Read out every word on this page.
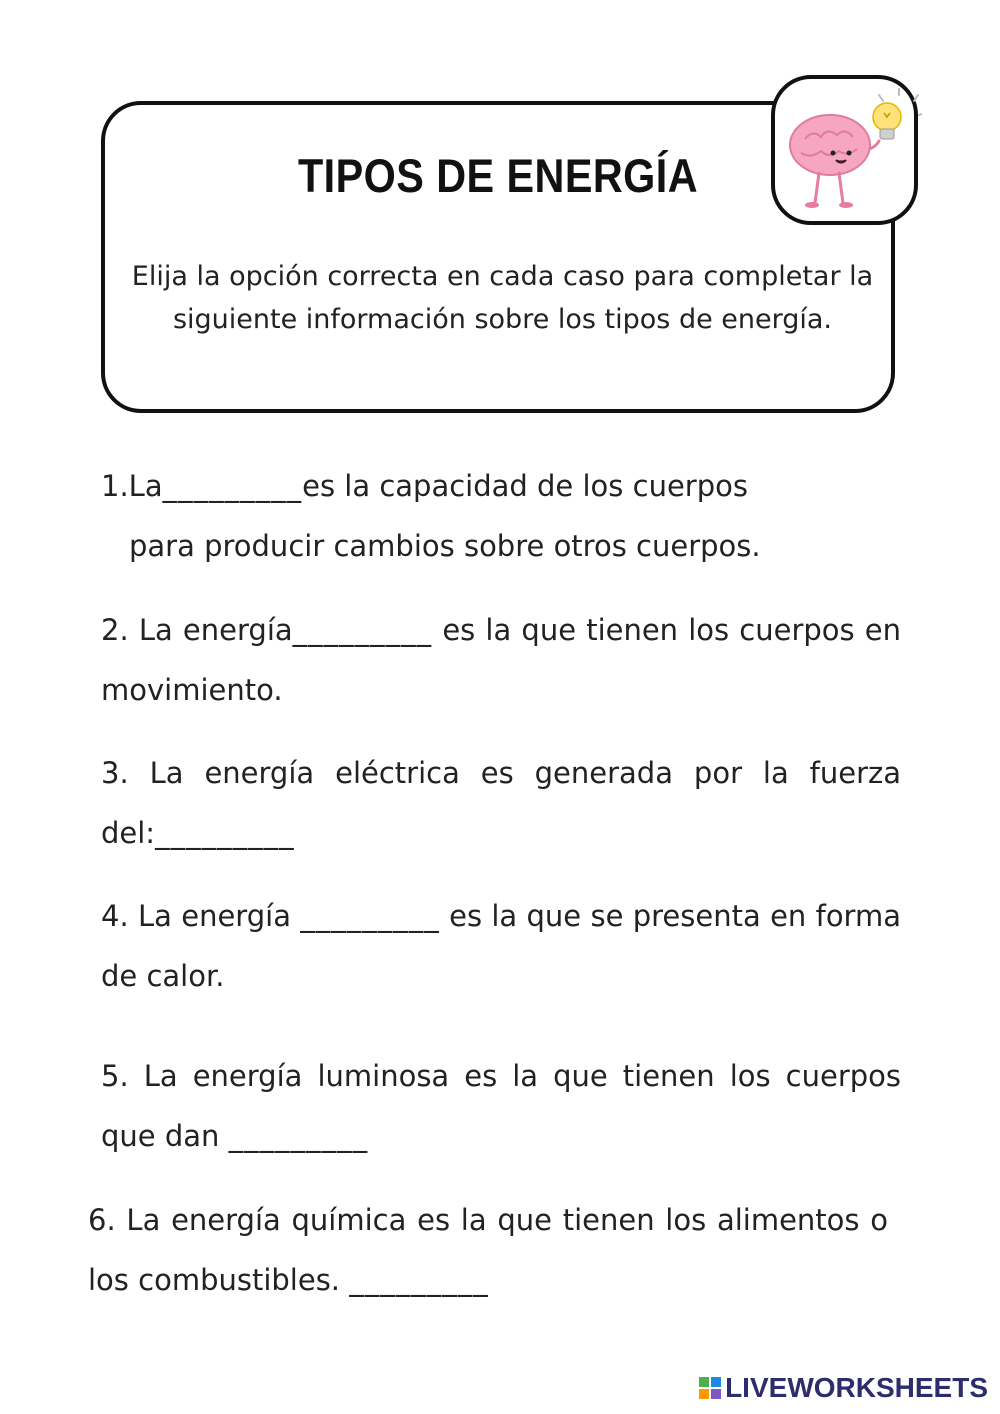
TIPOS DE ENERGÍA

Elija la opción correcta en cada caso para completar la siguiente información sobre los tipos de energía.

1.La_________es la capacidad de los cuerpos
para producir cambios sobre otros cuerpos.

2. La energía_________ es la que tienen los cuerpos en movimiento.

3. La energía eléctrica es generada por la fuerza del:_________

4. La energía _________ es la que se presenta en forma de calor.

5. La energía luminosa es la que tienen los cuerpos que dan _________

6. La energía química es la que tienen los alimentos o los combustibles. _________

LIVEWORKSHEETS
